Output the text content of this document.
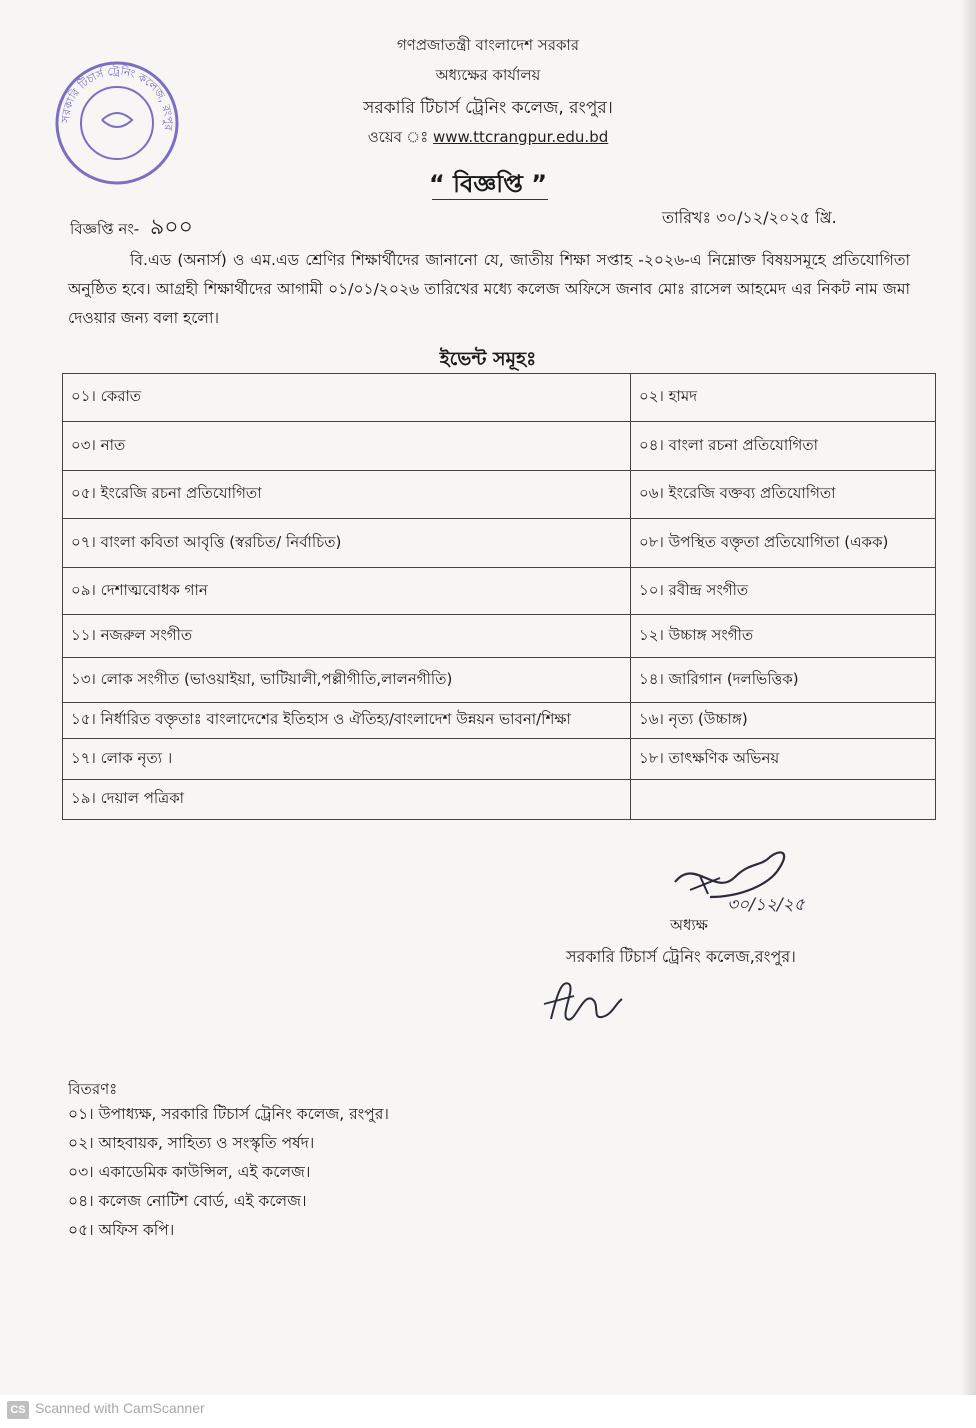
সরকারি টিচার্স ট্রেনিং কলেজ, রংপুর
গণপ্রজাতন্ত্রী বাংলাদেশ সরকার
অধ্যক্ষের কার্যালয়
সরকারি টিচার্স ট্রেনিং কলেজ, রংপুর।
ওয়েব ঃ www.ttcrangpur.edu.bd
“ বিজ্ঞপ্তি ”
বিজ্ঞপ্তি নং- ৯০০	তারিখঃ ৩০/১২/২০২৫ খ্রি.
বি.এড (অনার্স) ও এম.এড শ্রেণির শিক্ষার্থীদের জানানো যে, জাতীয় শিক্ষা সপ্তাহ -২০২৬-এ নিম্নোক্ত বিষয়সমূহে প্রতিযোগিতা অনুষ্ঠিত হবে। আগ্রহী শিক্ষার্থীদের আগামী ০১/০১/২০২৬ তারিখের মধ্যে কলেজ অফিসে জনাব মোঃ রাসেল আহমেদ এর নিকট নাম জমা দেওয়ার জন্য বলা হলো।
ইভেন্ট সমূহঃ
০১। কেরাত	০২। হামদ
০৩। নাত	০৪। বাংলা রচনা প্রতিযোগিতা
০৫। ইংরেজি রচনা প্রতিযোগিতা	০৬। ইংরেজি বক্তব্য প্রতিযোগিতা
০৭। বাংলা কবিতা আবৃত্তি (স্বরচিত/ নির্বাচিত)	০৮। উপস্থিত বক্তৃতা প্রতিযোগিতা (একক)
০৯। দেশাত্মবোধক গান	১০। রবীন্দ্র সংগীত
১১। নজরুল সংগীত	১২। উচ্চাঙ্গ সংগীত
১৩। লোক সংগীত (ভাওয়াইয়া, ভাটিয়ালী,পল্লীগীতি,লালনগীতি)	১৪। জারিগান (দলভিত্তিক)
১৫। নির্ধারিত বক্তৃতাঃ বাংলাদেশের ইতিহাস ও ঐতিহ্য/বাংলাদেশ উন্নয়ন ভাবনা/শিক্ষা	১৬। নৃত্য (উচ্চাঙ্গ)
১৭। লোক নৃত্য ।	১৮। তাৎক্ষণিক অভিনয়
১৯। দেয়াল পত্রিকা	
৩০/১২/২৫
অধ্যক্ষ
সরকারি টিচার্স ট্রেনিং কলেজ,রংপুর।
বিতরণঃ
০১। উপাধ্যক্ষ, সরকারি টিচার্স ট্রেনিং কলেজ, রংপুর।
০২। আহবায়ক, সাহিত্য ও সংস্কৃতি পর্ষদ।
০৩। একাডেমিক কাউন্সিল, এই কলেজ।
০৪। কলেজ নোটিশ বোর্ড, এই কলেজ।
০৫। অফিস কপি।
CS Scanned with CamScanner
